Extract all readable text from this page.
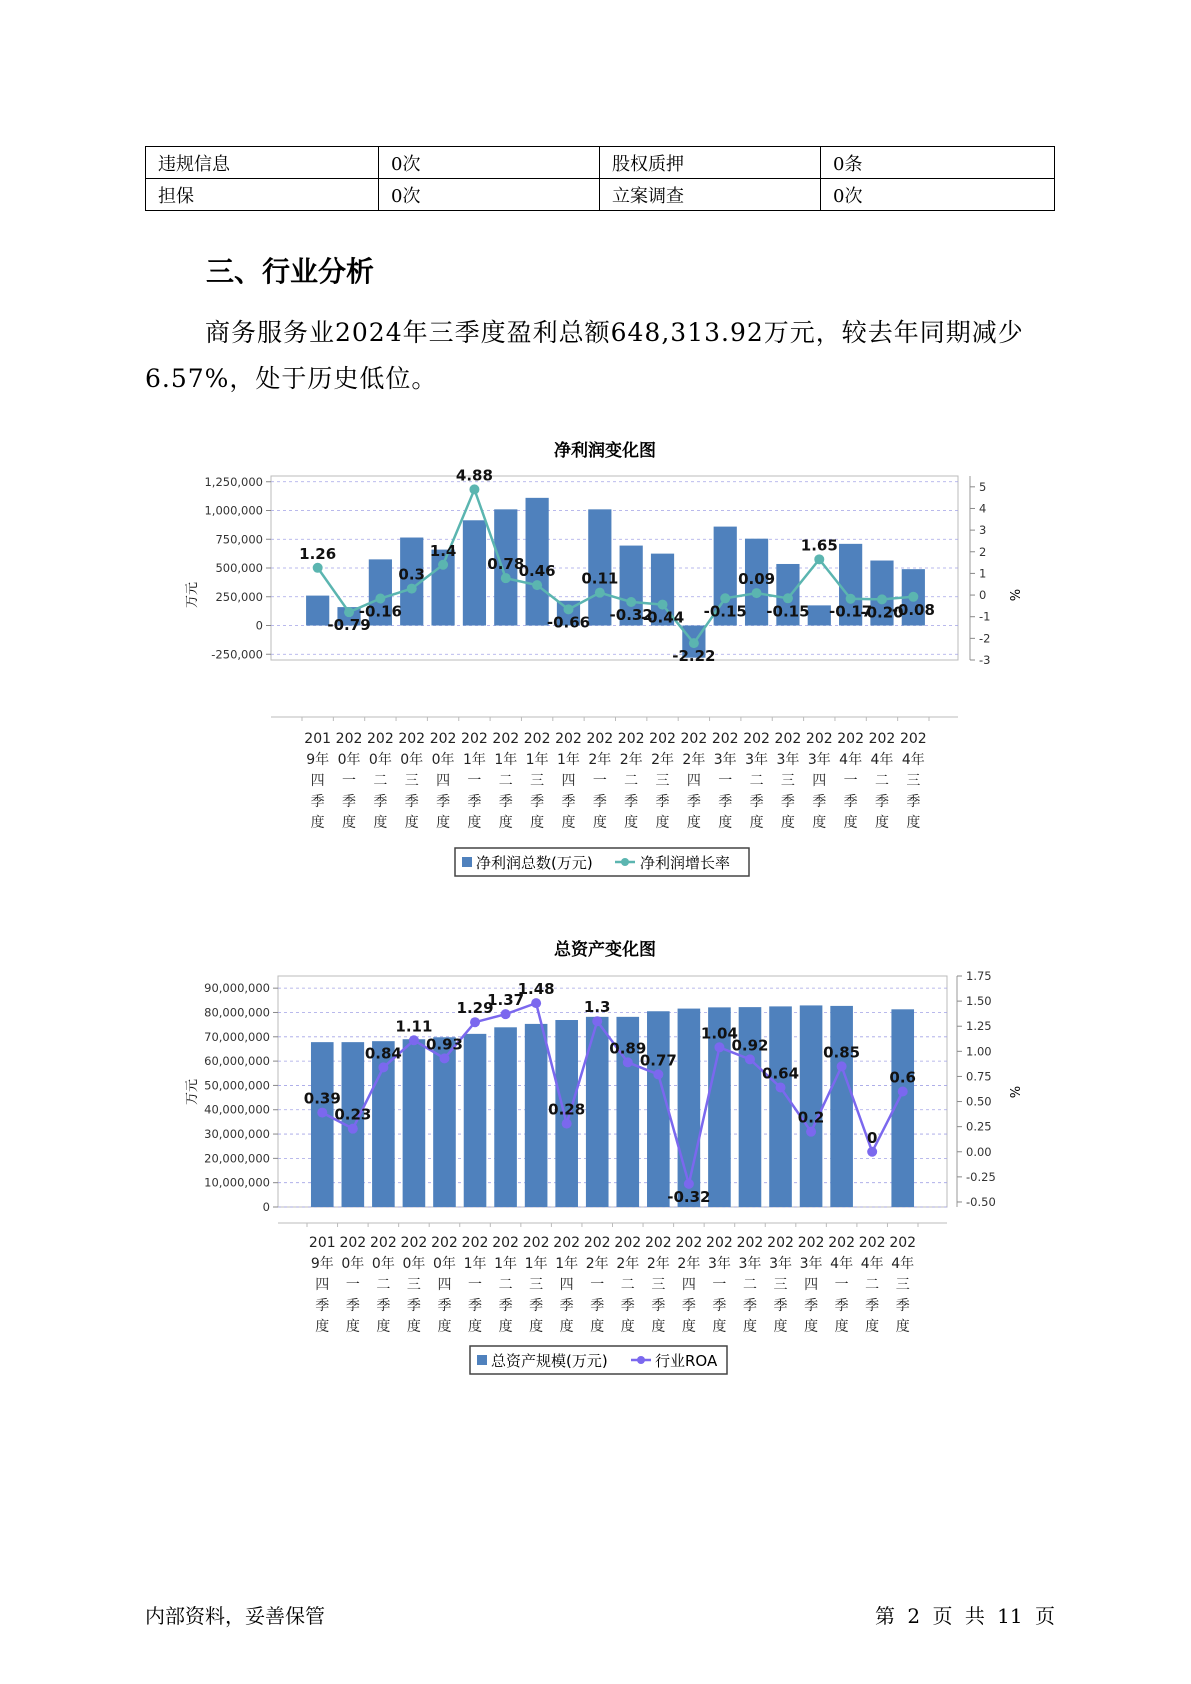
违规信息	0次	股权质押	0条
担保	0次	立案调查	0次
三、行业分析
商务服务业2024年三季度盈利总额648,313.92万元，较去年同期减少6.57%，处于历史低位。
净利润变化图
万元	%
净利润总数(万元)	净利润增长率
-250,000
0
250,000
500,000
750,000
1,000,000
1,250,000
-3
-2
-1
0
1
2
3
4
5
1.26
-0.79
-0.16
0.3
1.4
4.88
0.78
0.46
-0.66
0.11
-0.32
-0.44
-2.22
-0.15
0.09
-0.15
1.65
-0.17
-0.20
-0.08
201
9年
四
季
度
202
0年
一
季
度
202
0年
二
季
度
202
0年
三
季
度
202
0年
四
季
度
202
1年
一
季
度
202
1年
二
季
度
202
1年
三
季
度
202
1年
四
季
度
202
2年
一
季
度
202
2年
二
季
度
202
2年
三
季
度
202
2年
四
季
度
202
3年
一
季
度
202
3年
二
季
度
202
3年
三
季
度
202
3年
四
季
度
202
4年
一
季
度
202
4年
二
季
度
202
4年
三
季
度
总资产变化图
万元	%
总资产规模(万元)	行业ROA
0
10,000,000
20,000,000
30,000,000
40,000,000
50,000,000
60,000,000
70,000,000
80,000,000
90,000,000
-0.50
-0.25
0.00
0.25
0.50
0.75
1.00
1.25
1.50
1.75
0.39
0.23
0.84
1.11
0.93
1.29
1.37
1.48
0.28
1.3
0.89
0.77
-0.32
1.04
0.92
0.64
0.2
0.85
0
0.6
201
9年
四
季
度
202
0年
一
季
度
202
0年
二
季
度
202
0年
三
季
度
202
0年
四
季
度
202
1年
一
季
度
202
1年
二
季
度
202
1年
三
季
度
202
1年
四
季
度
202
2年
一
季
度
202
2年
二
季
度
202
2年
三
季
度
202
2年
四
季
度
202
3年
一
季
度
202
3年
二
季
度
202
3年
三
季
度
202
3年
四
季
度
202
4年
一
季
度
202
4年
二
季
度
202
4年
三
季
度
内部资料，妥善保管	第 2 页 共 11 页
